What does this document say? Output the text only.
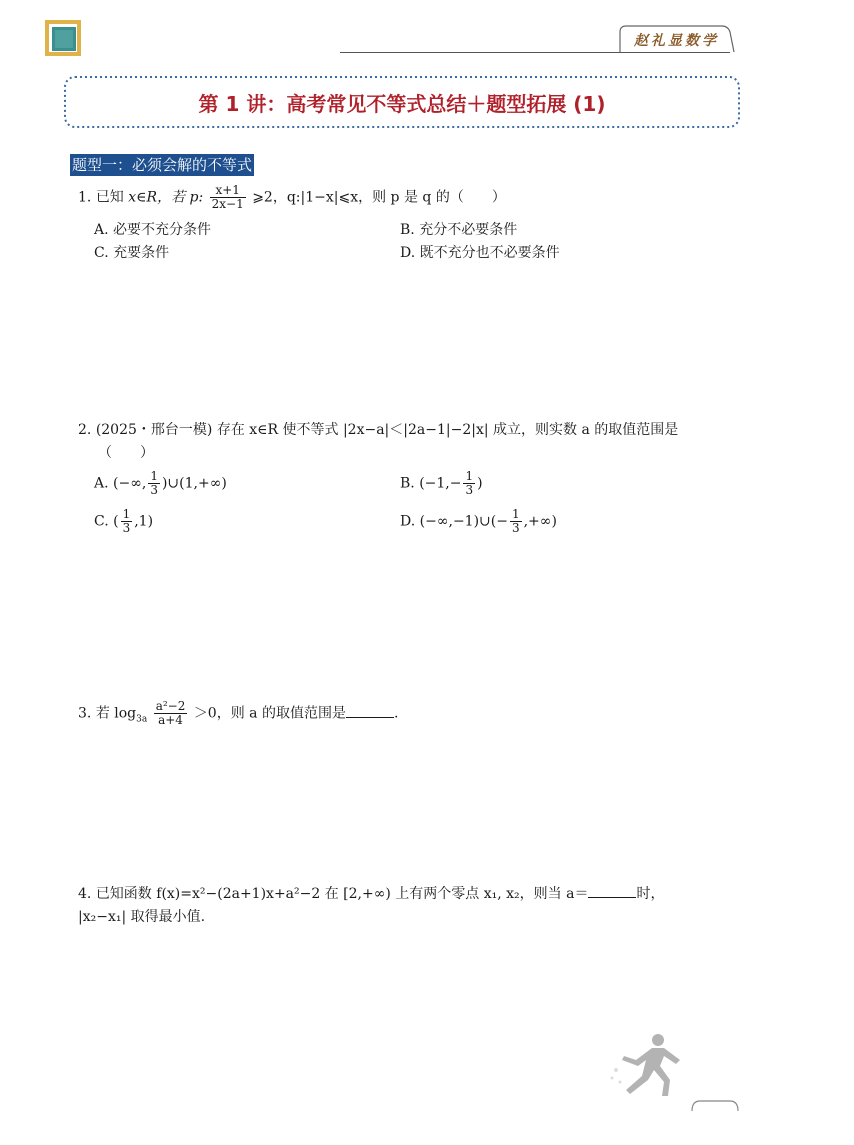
赵礼显数学
第 1 讲：高考常见不等式总结＋题型拓展 (1)
题型一：必须会解的不等式
1. 已知 x∈R，若 p: $\frac{x+1}{2x-1}$ ⩾2，q:|1−x|⩽x，则 p 是 q 的（　　）
A. 必要不充分条件	B. 充分不必要条件
C. 充要条件	D. 既不充分也不必要条件
2. (2025・邢台一模) 存在 x∈R 使不等式 |2x−a|＜|2a−1|−2|x| 成立，则实数 a 的取值范围是
（　　）
A. (−∞, $\frac{1}{3}$ )∪(1,+∞)	B. ($-1,- \frac{1}{3}$ )
C. ( $\frac{1}{3} ,1$)	D. (−∞,−1)∪(− $\frac{1}{3}$ ,+∞)
3. 若 $\log_{3a} \frac{\text{a²−2}}{a+4} >0$，则 a 的取值范围是	.
4. 已知函数 f(x)=x²−(2a+1)x+a²−2 在 [2,+∞) 上有两个零点 x₁, x₂，则当 a＝	时，
|x₂−x₁| 取得最小值.
